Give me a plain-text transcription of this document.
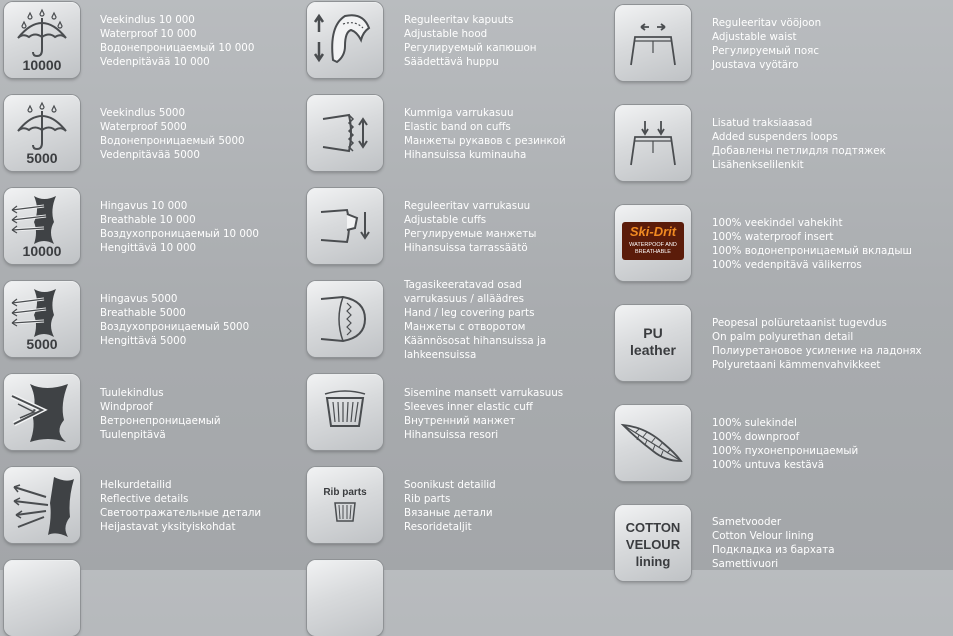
10000
Veekindlus 10 000
Waterproof 10 000
Водонепроницаемый 10 000
Vedenpitävää 10 000
5000
Veekindlus 5000
Waterproof 5000
Водонепроницаемый 5000
Vedenpitävää 5000
10000
Hingavus 10 000
Breathable 10 000
Воздухопроницаемый 10 000
Hengittävä 10 000
5000
Hingavus 5000
Breathable 5000
Воздухопроницаемый 5000
Hengittävä 5000
Tuulekindlus
Windproof
Ветронепроницаемый
Tuulenpitävä
Helkurdetailid
Reflective details
Светоотражательные детали
Heijastavat yksityiskohdat
Reguleeritav kapuuts
Adjustable hood
Регулируемый капюшон
Säädettävä huppu
Kummiga varrukasuu
Elastic band on cuffs
Манжеты рукавов с резинкой
Hihansuissa kuminauha
Reguleeritav varrukasuu
Adjustable cuffs
Регулируемые манжеты
Hihansuissa tarrassäätö
Tagasikeeratavad osad
varrukasuus / alläädres
Hand / leg covering parts
Манжеты с отворотом
Käännösosat hihansuissa ja
lahkeensuissa
Sisemine mansett varrukasuus
Sleeves inner elastic cuff
Внутренний манжет
Hihansuissa resori
Rib parts
Soonikust detailid
Rib parts
Вязаные детали
Resoridetaljit
Reguleeritav vööjoon
Adjustable waist
Регулируемый пояс
Joustava vyötäro
Lisatud traksiaasad
Added suspenders loops
Добавлены петлидля подтяжек
Lisähenkselilenkit
Ski-Drit
WATERPOOF AND BREATHABLE
100% veekindel vahekiht
100% waterproof insert
100% водонепроницаемый вкладыш
100% vedenpitävä välikerros
PU
leather
Peopesal polüuretaanist tugevdus
On palm polyurethan detail
Полиуретановое усиление на ладонях
Polyuretaani kämmenvahvikkeet
100% sulekindel
100% downproof
100% пухонепроницаемый
100% untuva kestävä
COTTON
VELOUR
lining
Sametvooder
Cotton Velour lining
Подкладка из бархата
Samettivuori
